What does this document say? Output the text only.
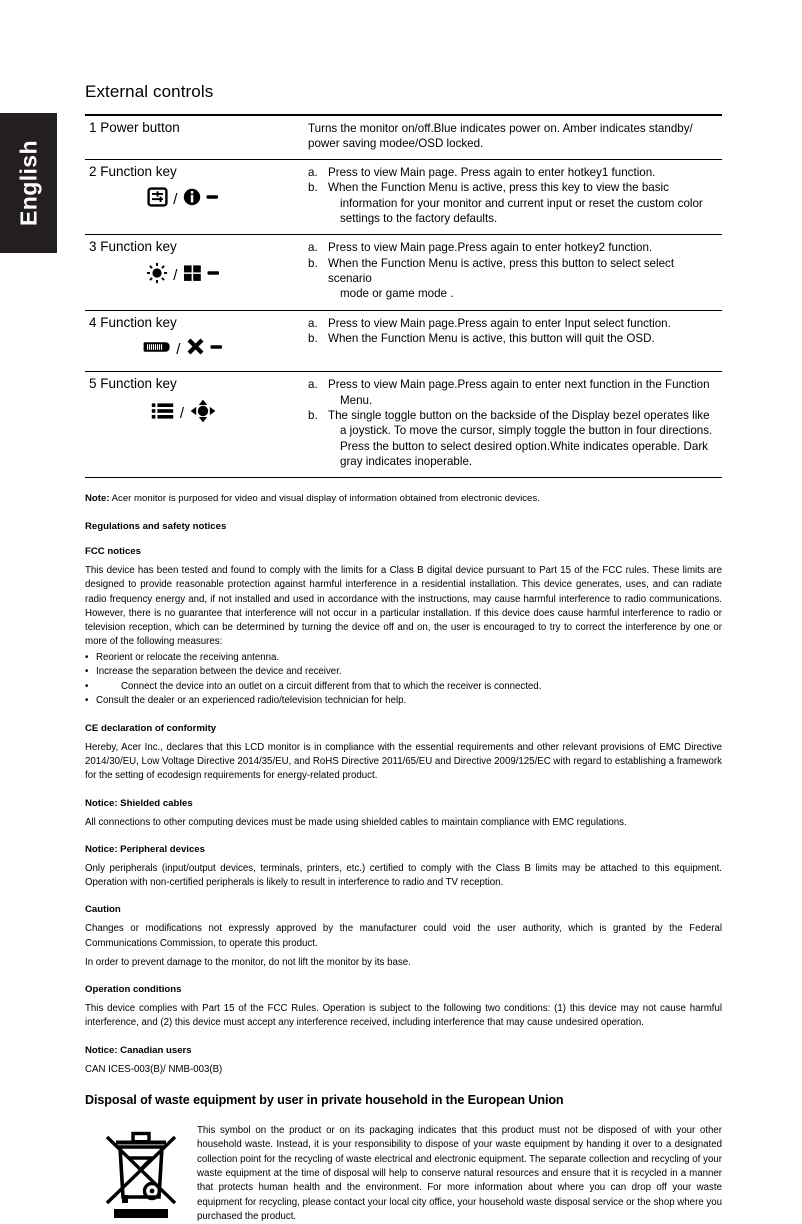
English
External controls
1 Power button	Turns the monitor on/off.Blue indicates power on. Amber indicates standby/ power saving modee/OSD locked.

2 Function key
/

a. Press to view Main page. Press again to enter hotkey1 function.
b. When the Function Menu is active, press this key to view the basic
information for your monitor and current input or reset the custom color settings to the factory defaults.

3 Function key
/

a. Press to view Main page.Press again to enter hotkey2 function.
b. When the Function Menu is active, press this button to select select scenario
mode or game mode .

4 Function key
/

a. Press to view Main page.Press again to enter Input select function.
b. When the Function Menu is active, this button will quit the OSD.

5 Function key
/

a. Press to view Main page.Press again to enter next function in the Function
Menu.
b. The single toggle button on the backside of the Display bezel operates like
a joystick. To move the cursor, simply toggle the button in four directions. Press the button to select desired option.White indicates operable. Dark gray indicates inoperable.
Note: Acer monitor is purposed for video and visual display of information obtained from electronic devices.
Regulations and safety notices
FCC notices

This device has been tested and found to comply with the limits for a Class B digital device pursuant to Part 15 of the FCC rules. These limits are designed to provide reasonable protection against harmful interference in a residential installation. This device generates, uses, and can radiate radio frequency energy and, if not installed and used in accordance with the instructions, may cause harmful interference to radio communications. However, there is no guarantee that interference will not occur in a particular installation. If this device does cause harmful interference to radio or television reception, which can be determined by turning the device off and on, the user is encouraged to try to correct the interference by one or more of the following measures:

• Reorient or relocate the receiving antenna.
• Increase the separation between the device and receiver.
•	Connect the device into an outlet on a circuit different from that to which the receiver is connected.
• Consult the dealer or an experienced radio/television technician for help.
CE declaration of conformity

Hereby, Acer Inc., declares that this LCD monitor is in compliance with the essential requirements and other relevant provisions of EMC Directive 2014/30/EU, Low Voltage Directive 2014/35/EU, and RoHS Directive 2011/65/EU and Directive 2009/125/EC with regard to establishing a framework for the setting of ecodesign requirements for energy-related product.

Notice: Shielded cables

All connections to other computing devices must be made using shielded cables to maintain compliance with EMC regulations.

Notice: Peripheral devices

Only peripherals (input/output devices, terminals, printers, etc.) certified to comply with the Class B limits may be attached to this equipment. Operation with non-certified peripherals is likely to result in interference to radio and TV reception.

Caution

Changes or modifications not expressly approved by the manufacturer could void the user authority, which is granted by the Federal Communications Commission, to operate this product.

In order to prevent damage to the monitor, do not lift the monitor by its base.

Operation conditions

This device complies with Part 15 of the FCC Rules. Operation is subject to the following two conditions: (1) this device may not cause harmful interference, and (2) this device must accept any interference received, including interference that may cause undesired operation.

Notice: Canadian users

CAN ICES-003(B)/ NMB-003(B)

Disposal of waste equipment by user in private household in the European Union
This symbol on the product or on its packaging indicates that this product must not be disposed of with your other household waste. Instead, it is your responsibility to dispose of your waste equipment by handing it over to a designated collection point for the recycling of waste electrical and electronic equipment. The separate collection and recycling of your waste equipment at the time of disposal will help to conserve natural resources and ensure that it is recycled in a manner that protects human health and the environment. For more information about where you can drop off your waste equipment for recycling, please contact your local city office, your household waste disposal service or the shop where you purchased the product.
